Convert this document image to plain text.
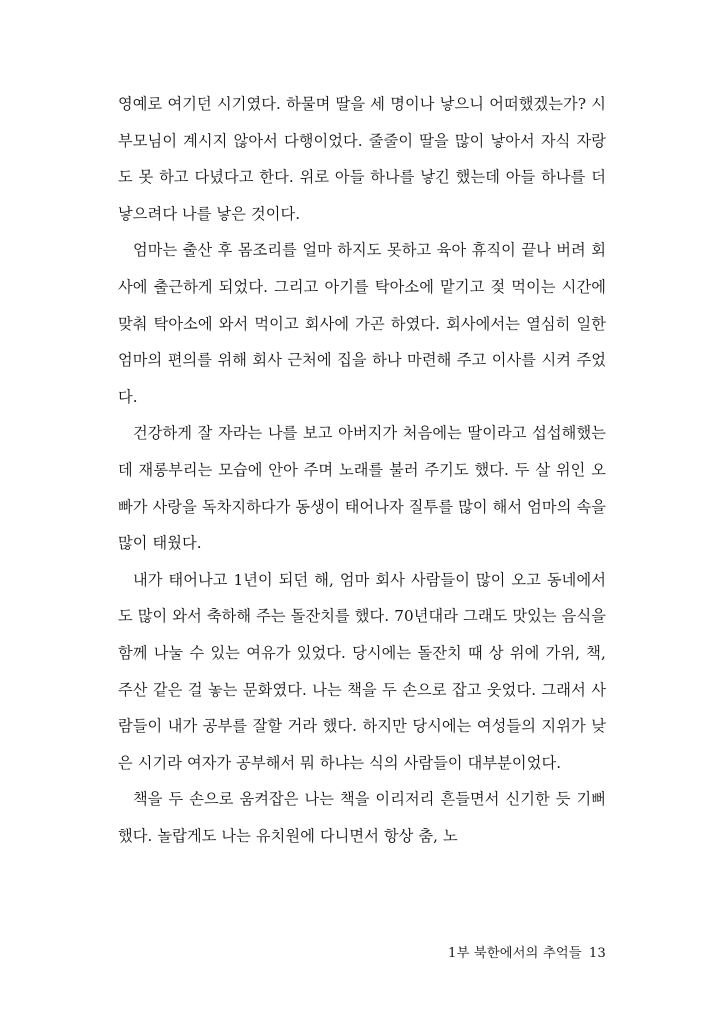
영예로 여기던 시기였다. 하물며 딸을 세 명이나 낳으니 어떠했겠는가? 시부모님이 계시지 않아서 다행이었다. 줄줄이 딸을 많이 낳아서 자식 자랑도 못 하고 다녔다고 한다. 위로 아들 하나를 낳긴 했는데 아들 하나를 더 낳으려다 나를 낳은 것이다.

엄마는 출산 후 몸조리를 얼마 하지도 못하고 육아 휴직이 끝나 버려 회사에 출근하게 되었다. 그리고 아기를 탁아소에 맡기고 젖 먹이는 시간에 맞춰 탁아소에 와서 먹이고 회사에 가곤 하였다. 회사에서는 열심히 일한 엄마의 편의를 위해 회사 근처에 집을 하나 마련해 주고 이사를 시켜 주었다.

건강하게 잘 자라는 나를 보고 아버지가 처음에는 딸이라고 섭섭해했는데 재롱부리는 모습에 안아 주며 노래를 불러 주기도 했다. 두 살 위인 오빠가 사랑을 독차지하다가 동생이 태어나자 질투를 많이 해서 엄마의 속을 많이 태웠다.

내가 태어나고 1년이 되던 해, 엄마 회사 사람들이 많이 오고 동네에서도 많이 와서 축하해 주는 돌잔치를 했다. 70년대라 그래도 맛있는 음식을 함께 나눌 수 있는 여유가 있었다. 당시에는 돌잔치 때 상 위에 가위, 책, 주산 같은 걸 놓는 문화였다. 나는 책을 두 손으로 잡고 웃었다. 그래서 사람들이 내가 공부를 잘할 거라 했다. 하지만 당시에는 여성들의 지위가 낮은 시기라 여자가 공부해서 뭐 하냐는 식의 사람들이 대부분이었다.

책을 두 손으로 움켜잡은 나는 책을 이리저리 흔들면서 신기한 듯 기뻐했다. 놀랍게도 나는 유치원에 다니면서 항상 춤, 노

1부 북한에서의 추억들 13
